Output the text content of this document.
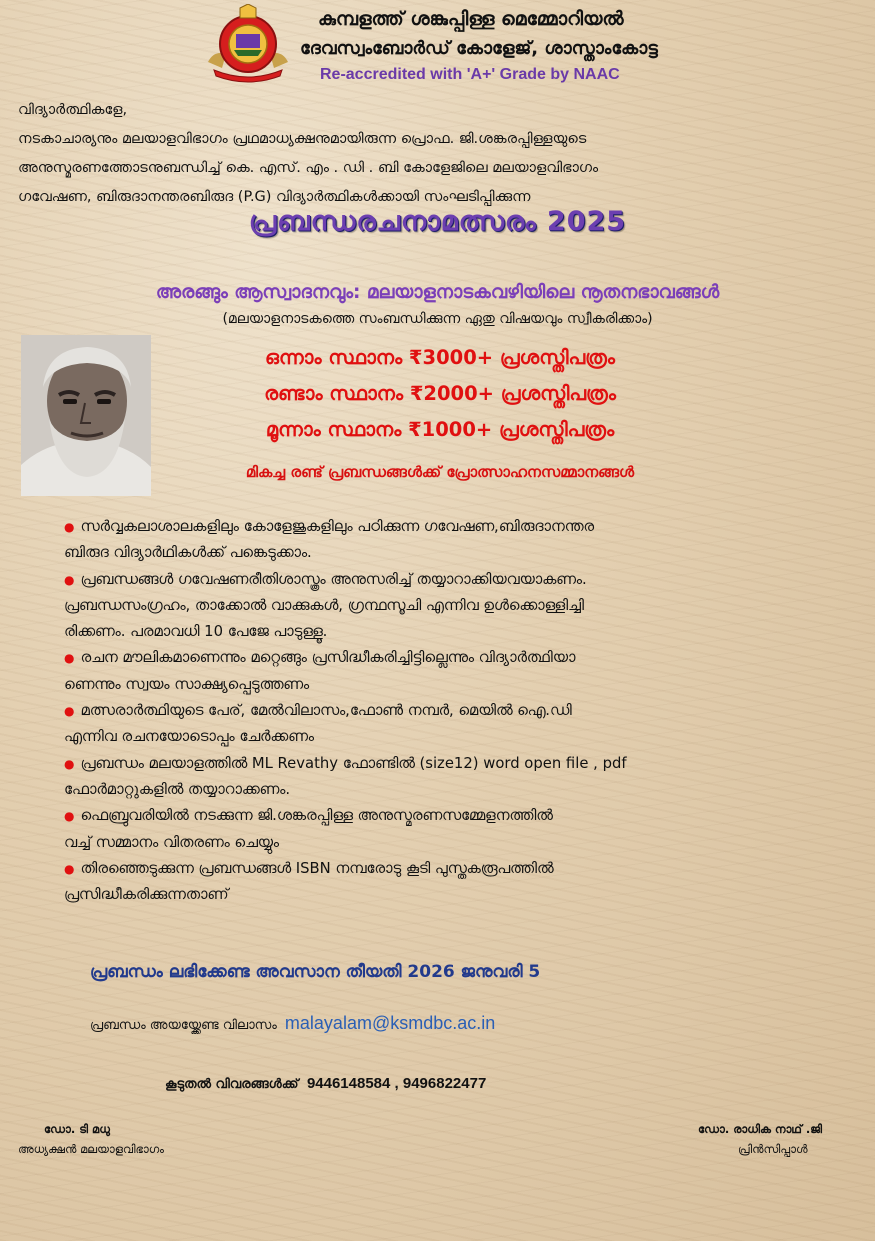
കുമ്പളത്ത് ശങ്കുപ്പിള്ള മെമ്മോറിയൽ
ദേവസ്വംബോർഡ് കോളേജ്, ശാസ്താംകോട്ട
Re-accredited with 'A+' Grade by NAAC
വിദ്യാർത്ഥികളേ,
നടകാചാര്യനും മലയാളവിഭാഗം പ്രഥമാധ്യക്ഷനുമായിരുന്ന പ്രൊഫ. ജി.ശങ്കരപ്പിള്ളയുടെ
അനുസ്മരണത്തോടനുബന്ധിച്ച് കെ. എസ്. എം . ഡി . ബി കോളേജിലെ മലയാളവിഭാഗം
ഗവേഷണ, ബിരുദാനന്തരബിരുദ (P.G) വിദ്യാർത്ഥികൾക്കായി സംഘടിപ്പിക്കുന്ന
പ്രബന്ധരചനാമത്സരം 2025
അരങ്ങും ആസ്വാദനവും: മലയാളനാടകവഴിയിലെ നൂതനഭാവങ്ങൾ
(മലയാളനാടകത്തെ സംബന്ധിക്കുന്ന ഏതു വിഷയവും സ്വീകരിക്കാം)
ഒന്നാം സ്ഥാനം ₹3000+ പ്രശസ്തിപത്രം
രണ്ടാം സ്ഥാനം ₹2000+ പ്രശസ്തിപത്രം
മൂന്നാം സ്ഥാനം ₹1000+ പ്രശസ്തിപത്രം
മികച്ച രണ്ട് പ്രബന്ധങ്ങൾക്ക് പ്രോത്സാഹനസമ്മാനങ്ങൾ
● സർവ്വകലാശാലകളിലും കോളേജുകളിലും പഠിക്കുന്ന ഗവേഷണ,ബിരുദാനന്തര
ബിരുദ വിദ്യാർഥികൾക്ക് പങ്കെടുക്കാം.
● പ്രബന്ധങ്ങൾ ഗവേഷണരീതിശാസ്ത്രം അനുസരിച്ച് തയ്യാറാക്കിയവയാകണം.
പ്രബന്ധസംഗ്രഹം, താക്കോൽ വാക്കുകൾ, ഗ്രന്ഥസൂചി എന്നിവ ഉൾക്കൊള്ളിച്ചി
രിക്കണം. പരമാവധി 10 പേജേ പാടുള്ളൂ.
● രചന മൗലികമാണെന്നും മറ്റെങ്ങും പ്രസിദ്ധീകരിച്ചിട്ടില്ലെന്നും വിദ്യാർത്ഥിയാ
ണെന്നും സ്വയം സാക്ഷ്യപ്പെടുത്തണം
● മത്സരാർത്ഥിയുടെ പേര്, മേൽവിലാസം,ഫോൺ നമ്പർ, മെയിൽ ഐ.ഡി
എന്നിവ രചനയോടൊപ്പം ചേർക്കണം
● പ്രബന്ധം മലയാളത്തിൽ ML Revathy ഫോണ്ടിൽ (size12) word open file , pdf
ഫോർമാറ്റുകളിൽ തയ്യാറാക്കണം.
● ഫെബ്രുവരിയിൽ നടക്കുന്ന ജി.ശങ്കരപ്പിള്ള അനുസ്മരണസമ്മേളനത്തിൽ
വച്ച് സമ്മാനം വിതരണം ചെയ്യും
● തിരഞ്ഞെടുക്കുന്ന പ്രബന്ധങ്ങൾ ISBN നമ്പരോടു കൂടി പുസ്തകരൂപത്തിൽ
പ്രസിദ്ധീകരിക്കുന്നതാണ്
പ്രബന്ധം ലഭിക്കേണ്ട അവസാന തീയതി 2026 ജനുവരി 5
പ്രബന്ധം അയയ്ക്കേണ്ട വിലാസം malayalam@ksmdbc.ac.in
കൂടുതൽ വിവരങ്ങൾക്ക് 9446148584 , 9496822477
ഡോ. ടി മധു
അധ്യക്ഷൻ മലയാളവിഭാഗം
ഡോ. രാധിക നാഥ് .ജി
പ്രിൻസിപ്പാൾ
